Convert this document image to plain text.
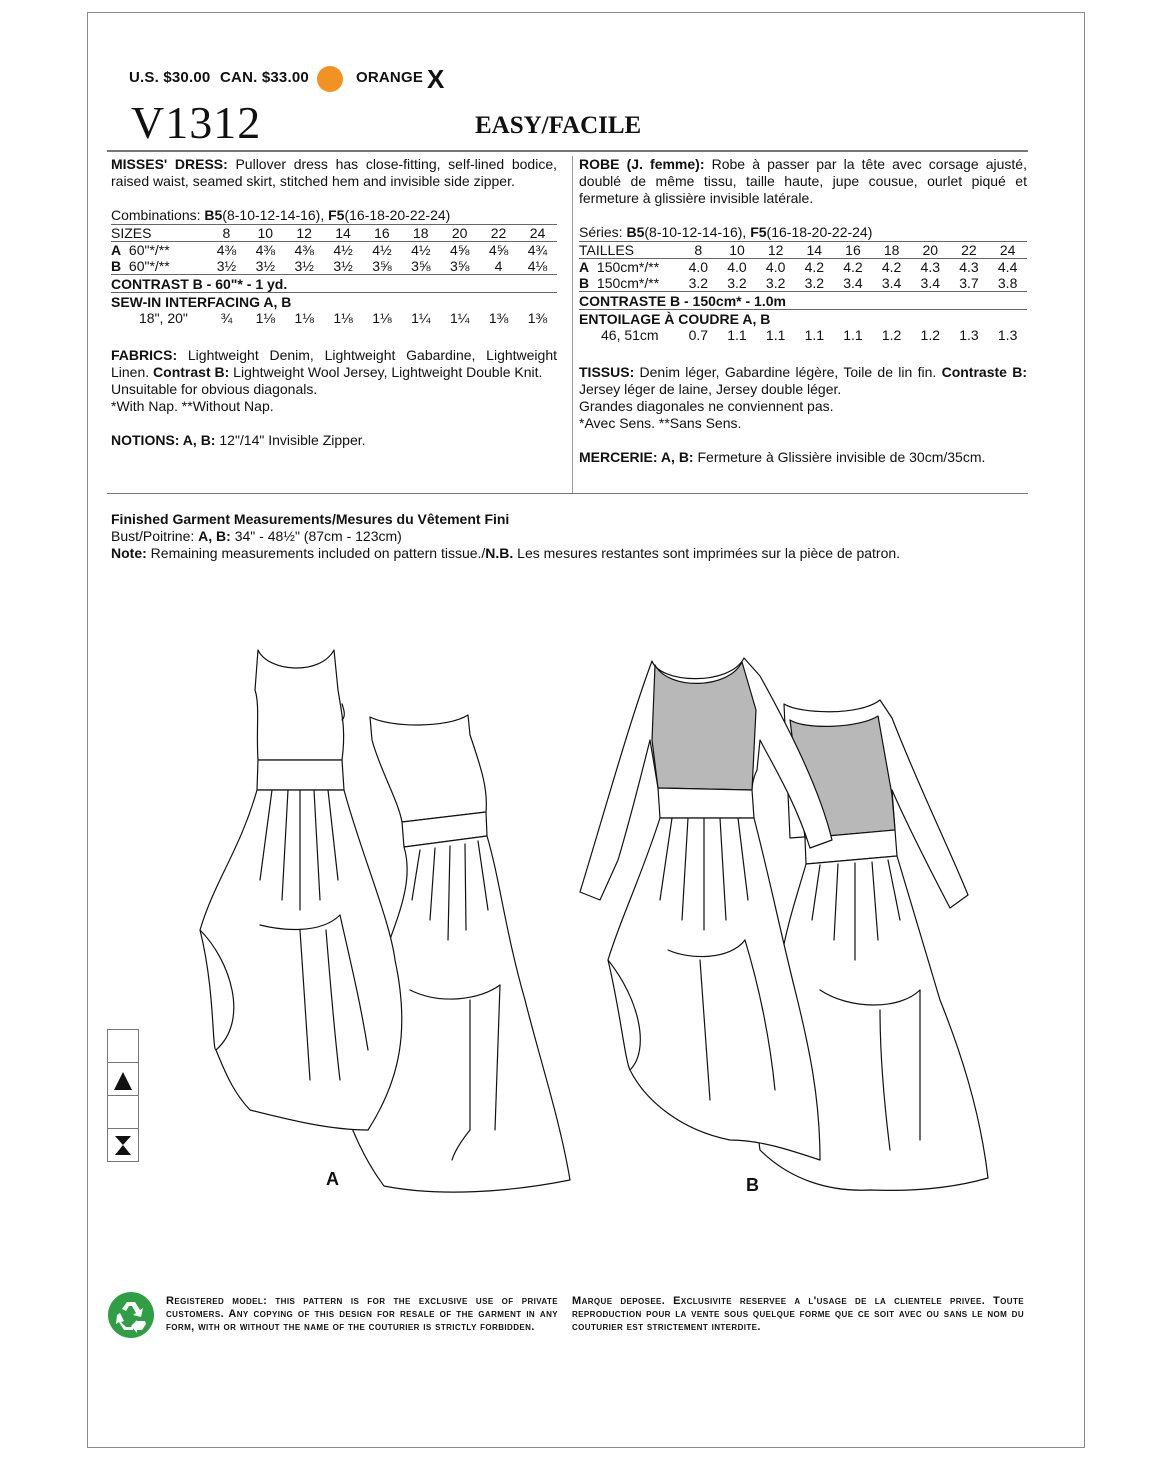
U.S. $30.00 CAN. $33.00	ORANGE X
V1312	EASY/FACILE

MISSES' DRESS: Pullover dress has close-fitting, self-lined bodice, raised waist, seamed skirt, stitched hem and invisible side zipper.

Combinations: B5(8-10-12-14-16), F5(16-18-20-22-24)

SIZES	8	10	12	14	16	18	20	22	24
A 60"*/**	4⅜	4⅜	4⅜	4½	4½	4½	4⅝	4⅝	4¾
B 60"*/**	3½	3½	3½	3½	3⅝	3⅝	3⅝	4	4⅛
CONTRAST B - 60"* - 1 yd.									
SEW-IN INTERFACING A, B									
18", 20"	¾	1⅛	1⅛	1⅛	1⅛	1¼	1¼	1⅜	1⅜

FABRICS: Lightweight Denim, Lightweight Gabardine, Lightweight Linen. Contrast B: Lightweight Wool Jersey, Lightweight Double Knit.

Unsuitable for obvious diagonals.

*With Nap. **Without Nap.

NOTIONS: A, B: 12"/14" Invisible Zipper.

ROBE (J. femme): Robe à passer par la tête avec corsage ajusté, doublé de même tissu, taille haute, jupe cousue, ourlet piqué et fermeture à glissière invisible latérale.

Séries: B5(8-10-12-14-16), F5(16-18-20-22-24)

TAILLES	8	10	12	14	16	18	20	22	24
A 150cm*/**	4.0	4.0	4.0	4.2	4.2	4.2	4.3	4.3	4.4
B 150cm*/**	3.2	3.2	3.2	3.2	3.4	3.4	3.4	3.7	3.8
CONTRASTE B - 150cm* - 1.0m									
ENTOILAGE À COUDRE A, B									
46, 51cm	0.7	1.1	1.1	1.1	1.1	1.2	1.2	1.3	1.3

TISSUS: Denim léger, Gabardine légère, Toile de lin fin. Contraste B: Jersey léger de laine, Jersey double léger.

Grandes diagonales ne conviennent pas.

*Avec Sens. **Sans Sens.

MERCERIE: A, B: Fermeture à Glissière invisible de 30cm/35cm.

Finished Garment Measurements/Mesures du Vêtement Fini
Bust/Poitrine: A, B: 34" - 48½" (87cm - 123cm)
Note: Remaining measurements included on pattern tissue./N.B. Les mesures restantes sont imprimées sur la pièce de patron.
A	B
Registered model: this pattern is for the exclusive use of private customers. Any copying of this design for resale of the garment in any form, with or without the name of the couturier is strictly forbidden.
Marque deposee. Exclusivite reservee a l'usage de la clientele privee. Toute reproduction pour la vente sous quelque forme que ce soit avec ou sans le nom du couturier est strictement interdite.
